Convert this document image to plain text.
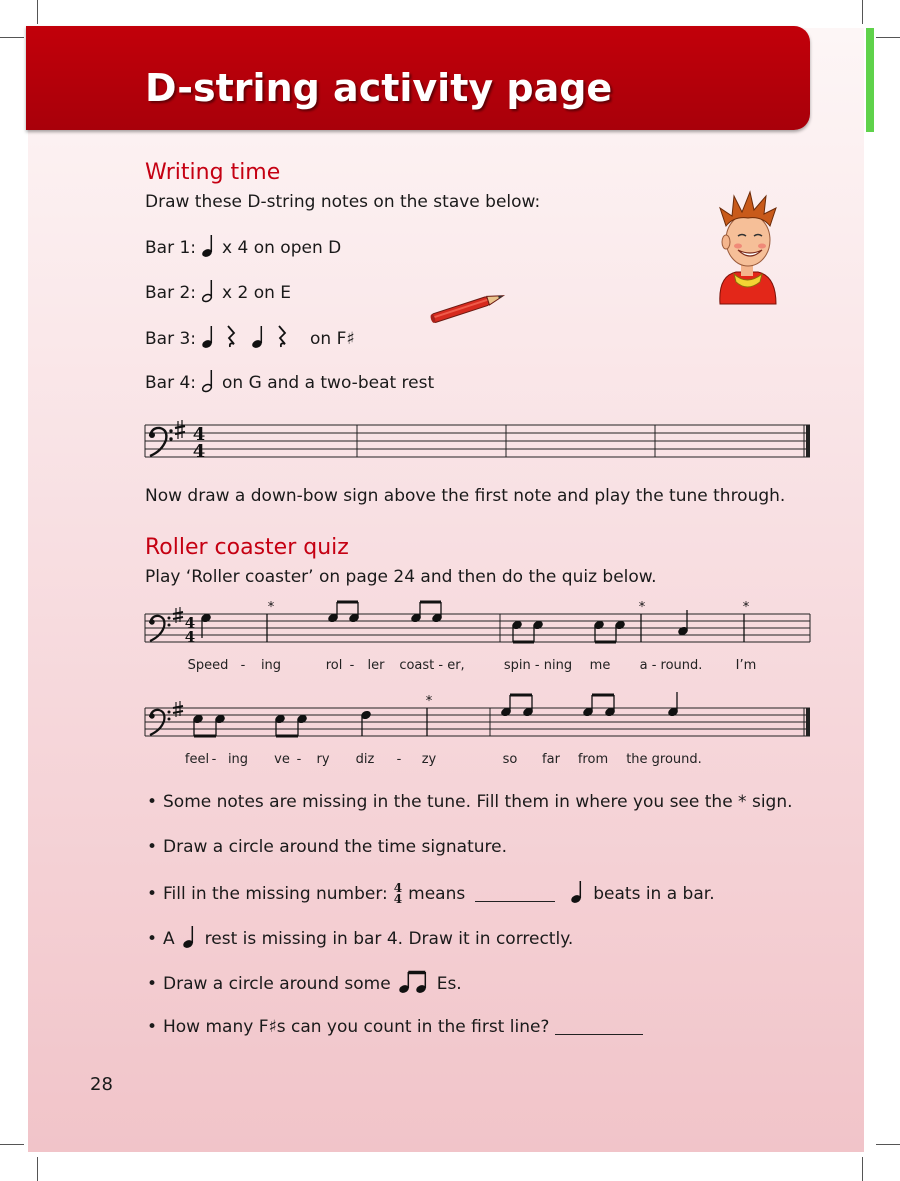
D-string activity page
Writing time
Draw these D-string notes on the stave below:
Bar 1: x 4 on open D
Bar 2: x 2 on E
Bar 3:	on F♯
Bar 4: on G and a two-beat rest
4
4
Now draw a down-bow sign above the first note and play the tune through.
Roller coaster quiz
Play ‘Roller coaster’ on page 24 and then do the quiz below.
4
4
*	*	*
Speed - ing	rol - ler coast - er,	spin - ning me a - round.	I’m
*
feel - ing ve - ry diz - zy	so far from the ground.
• Some notes are missing in the tune. Fill them in where you see the * sign.
• Draw a circle around the time signature.
• Fill in the missing number: 4
4 means	beats in a bar.
• A rest is missing in bar 4. Draw it in correctly.
• Draw a circle around some	Es.
• How many F♯s can you count in the first line?
28
